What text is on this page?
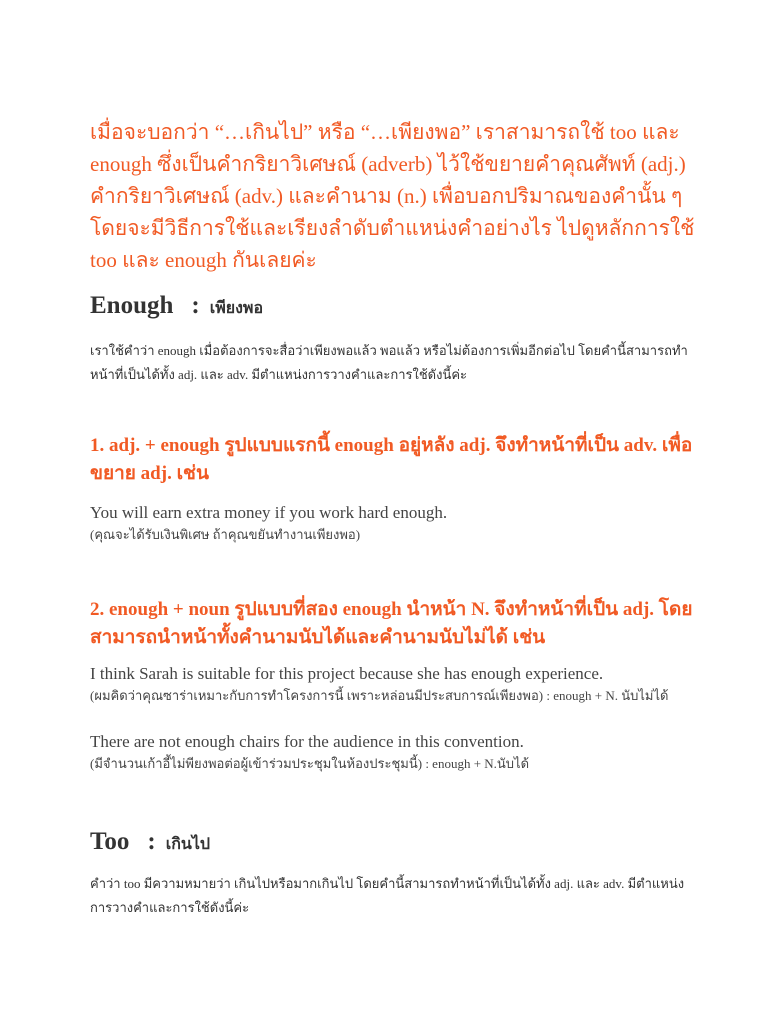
เมื่อจะบอกว่า “…เกินไป” หรือ “…เพียงพอ” เราสามารถใช้ too และ enough ซึ่งเป็นคำกริยาวิเศษณ์ (adverb) ไว้ใช้ขยายคำคุณศัพท์ (adj.) คำกริยาวิเศษณ์ (adv.) และคำนาม (n.) เพื่อบอกปริมาณของคำนั้น ๆ โดยจะมีวิธีการใช้และเรียงลำดับตำแหน่งคำอย่างไร ไปดูหลักการใช้ too และ enough กันเลยค่ะ

Enough : เพียงพอ

เราใช้คำว่า enough เมื่อต้องการจะสื่อว่าเพียงพอแล้ว พอแล้ว หรือไม่ต้องการเพิ่มอีกต่อไป โดยคำนี้สามารถทำหน้าที่เป็นได้ทั้ง adj. และ adv. มีตำแหน่งการวางคำและการใช้ดังนี้ค่ะ

1. adj. + enough รูปแบบแรกนี้ enough อยู่หลัง adj. จึงทำหน้าที่เป็น adv. เพื่อขยาย adj. เช่น

You will earn extra money if you work hard enough.
(คุณจะได้รับเงินพิเศษ ถ้าคุณขยันทำงานเพียงพอ)

2. enough + noun รูปแบบที่สอง enough นำหน้า N. จึงทำหน้าที่เป็น adj. โดยสามารถนำหน้าทั้งคำนามนับได้และคำนามนับไม่ได้ เช่น

I think Sarah is suitable for this project because she has enough experience.
(ผมคิดว่าคุณซาร่าเหมาะกับการทำโครงการนี้ เพราะหล่อนมีประสบการณ์เพียงพอ) : enough + N. นับไม่ได้

There are not enough chairs for the audience in this convention.
(มีจำนวนเก้าอี้ไม่พียงพอต่อผู้เข้าร่วมประชุมในห้องประชุมนี้) : enough + N.นับได้

Too : เกินไป

คำว่า too มีความหมายว่า เกินไปหรือมากเกินไป โดยคำนี้สามารถทำหน้าที่เป็นได้ทั้ง adj. และ adv. มีตำแหน่งการวางคำและการใช้ดังนี้ค่ะ
